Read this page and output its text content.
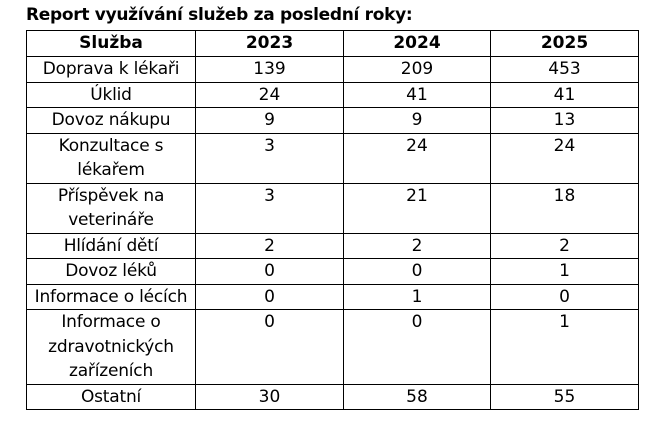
Report využívání služeb za poslední roky:
Služba	2023	2024	2025
Doprava k lékaři	139	209	453
Úklid	24	41	41
Dovoz nákupu	9	9	13
Konzultace s lékařem	3	24	24
Příspěvek na veterináře	3	21	18
Hlídání dětí	2	2	2
Dovoz léků	0	0	1
Informace o lécích	0	1	0
Informace o zdravotnických zařízeních	0	0	1
Ostatní	30	58	55
